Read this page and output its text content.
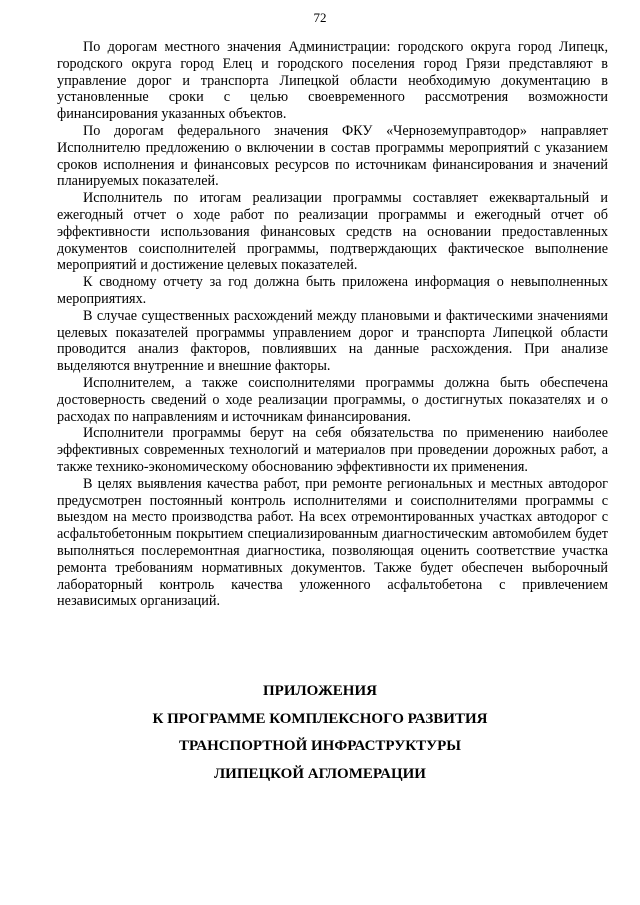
72

По дорогам местного значения Администрации: городского округа город Липецк, городского округа город Елец и городского поселения город Грязи представляют в управление дорог и транспорта Липецкой области необходимую документацию в установленные сроки с целью своевременного рассмотрения возможности финансирования указанных объектов.

По дорогам федерального значения ФКУ «Черноземуправтодор» направляет Исполнителю предложению о включении в состав программы мероприятий с указанием сроков исполнения и финансовых ресурсов по источникам финансирования и значений планируемых показателей.

Исполнитель по итогам реализации программы составляет ежеквартальный и ежегодный отчет о ходе работ по реализации программы и ежегодный отчет об эффективности использования финансовых средств на основании предоставленных документов соисполнителей программы, подтверждающих фактическое выполнение мероприятий и достижение целевых показателей.

К сводному отчету за год должна быть приложена информация о невыполненных мероприятиях.

В случае существенных расхождений между плановыми и фактическими значениями целевых показателей программы управлением дорог и транспорта Липецкой области проводится анализ факторов, повлиявших на данные расхождения. При анализе выделяются внутренние и внешние факторы.

Исполнителем, а также соисполнителями программы должна быть обеспечена достоверность сведений о ходе реализации программы, о достигнутых показателях и о расходах по направлениям и источникам финансирования.

Исполнители программы берут на себя обязательства по применению наиболее эффективных современных технологий и материалов при проведении дорожных работ, а также технико-экономическому обоснованию эффективности их применения.

В целях выявления качества работ, при ремонте региональных и местных автодорог предусмотрен постоянный контроль исполнителями и соисполнителями программы с выездом на место производства работ. На всех отремонтированных участках автодорог с асфальтобетонным покрытием специализированным диагностическим автомобилем будет выполняться послеремонтная диагностика, позволяющая оценить соответствие участка ремонта требованиям нормативных документов. Также будет обеспечен выборочный лабораторный контроль качества уложенного асфальтобетона с привлечением независимых организаций.

ПРИЛОЖЕНИЯ
К ПРОГРАММЕ КОМПЛЕКСНОГО РАЗВИТИЯ
ТРАНСПОРТНОЙ ИНФРАСТРУКТУРЫ
ЛИПЕЦКОЙ АГЛОМЕРАЦИИ
